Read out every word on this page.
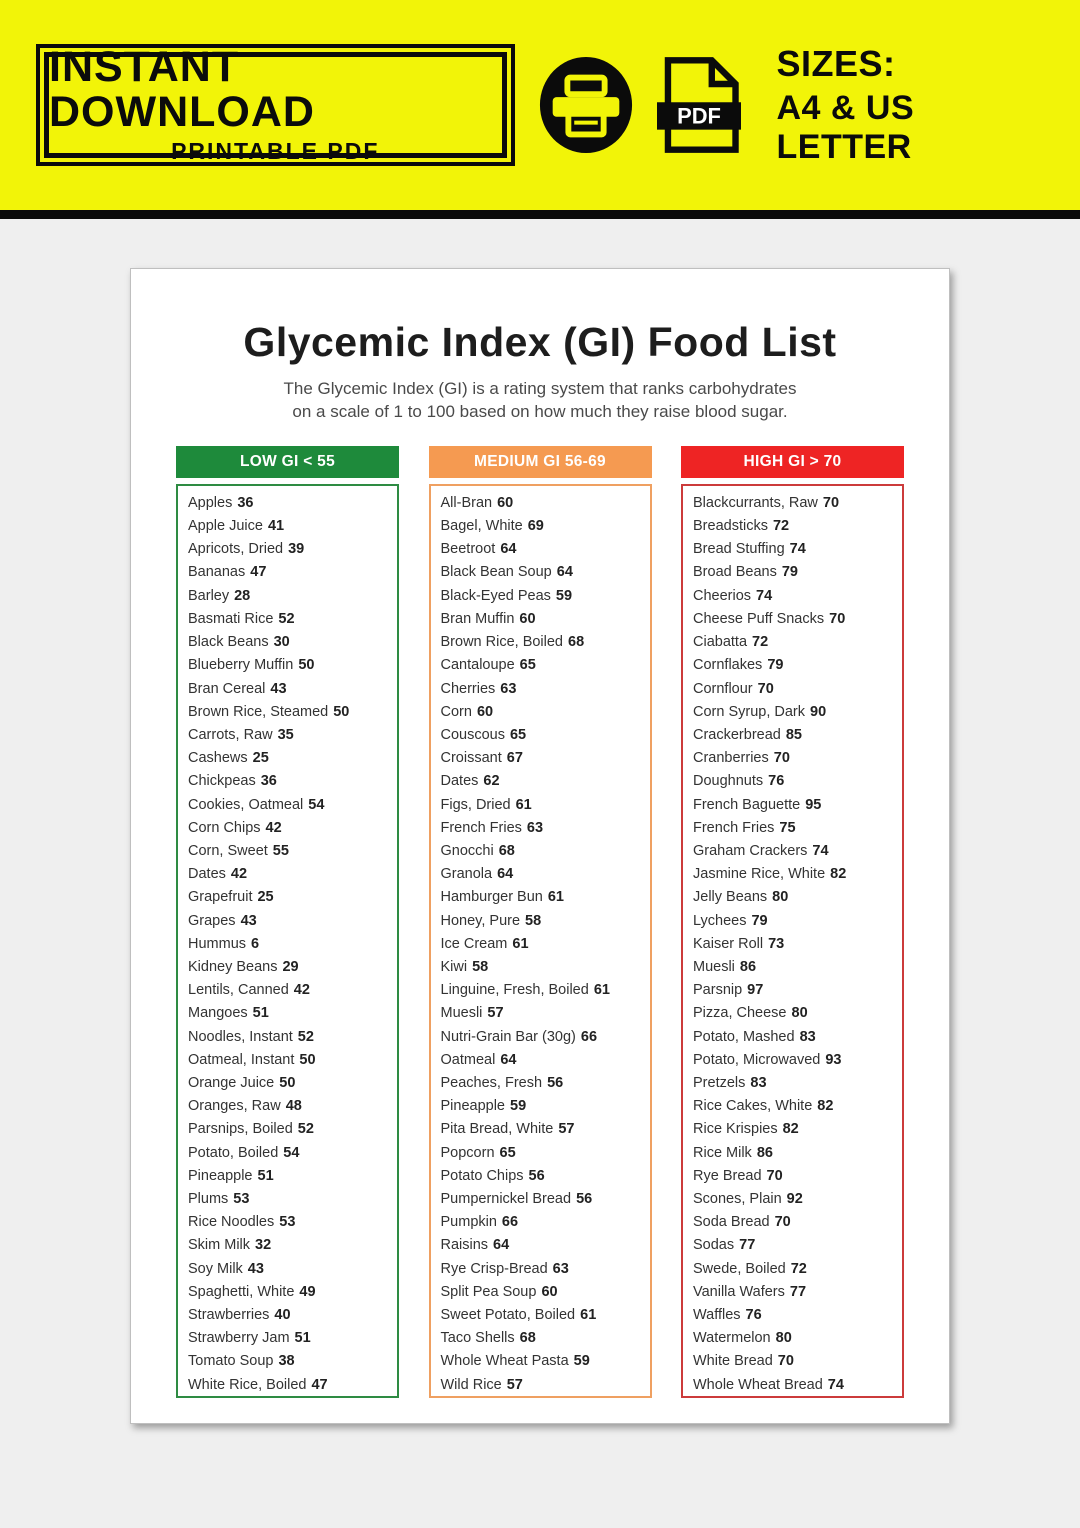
INSTANT DOWNLOAD
PRINTABLE PDF
PDF
SIZES:
A4 & US LETTER
Glycemic Index (GI) Food List
The Glycemic Index (GI) is a rating system that ranks carbohydrates
on a scale of 1 to 100 based on how much they raise blood sugar.
LOW GI < 55
Apples 36
Apple Juice 41
Apricots, Dried 39
Bananas 47
Barley 28
Basmati Rice 52
Black Beans 30
Blueberry Muffin 50
Bran Cereal 43
Brown Rice, Steamed 50
Carrots, Raw 35
Cashews 25
Chickpeas 36
Cookies, Oatmeal 54
Corn Chips 42
Corn, Sweet 55
Dates 42
Grapefruit 25
Grapes 43
Hummus 6
Kidney Beans 29
Lentils, Canned 42
Mangoes 51
Noodles, Instant 52
Oatmeal, Instant 50
Orange Juice 50
Oranges, Raw 48
Parsnips, Boiled 52
Potato, Boiled 54
Pineapple 51
Plums 53
Rice Noodles 53
Skim Milk 32
Soy Milk 43
Spaghetti, White 49
Strawberries 40
Strawberry Jam 51
Tomato Soup 38
White Rice, Boiled 47
MEDIUM GI 56-69
All-Bran 60
Bagel, White 69
Beetroot 64
Black Bean Soup 64
Black-Eyed Peas 59
Bran Muffin 60
Brown Rice, Boiled 68
Cantaloupe 65
Cherries 63
Corn 60
Couscous 65
Croissant 67
Dates 62
Figs, Dried 61
French Fries 63
Gnocchi 68
Granola 64
Hamburger Bun 61
Honey, Pure 58
Ice Cream 61
Kiwi 58
Linguine, Fresh, Boiled 61
Muesli 57
Nutri-Grain Bar (30g) 66
Oatmeal 64
Peaches, Fresh 56
Pineapple 59
Pita Bread, White 57
Popcorn 65
Potato Chips 56
Pumpernickel Bread 56
Pumpkin 66
Raisins 64
Rye Crisp-Bread 63
Split Pea Soup 60
Sweet Potato, Boiled 61
Taco Shells 68
Whole Wheat Pasta 59
Wild Rice 57
HIGH GI > 70
Blackcurrants, Raw 70
Breadsticks 72
Bread Stuffing 74
Broad Beans 79
Cheerios 74
Cheese Puff Snacks 70
Ciabatta 72
Cornflakes 79
Cornflour 70
Corn Syrup, Dark 90
Crackerbread 85
Cranberries 70
Doughnuts 76
French Baguette 95
French Fries 75
Graham Crackers 74
Jasmine Rice, White 82
Jelly Beans 80
Lychees 79
Kaiser Roll 73
Muesli 86
Parsnip 97
Pizza, Cheese 80
Potato, Mashed 83
Potato, Microwaved 93
Pretzels 83
Rice Cakes, White 82
Rice Krispies 82
Rice Milk 86
Rye Bread 70
Scones, Plain 92
Soda Bread 70
Sodas 77
Swede, Boiled 72
Vanilla Wafers 77
Waffles 76
Watermelon 80
White Bread 70
Whole Wheat Bread 74
